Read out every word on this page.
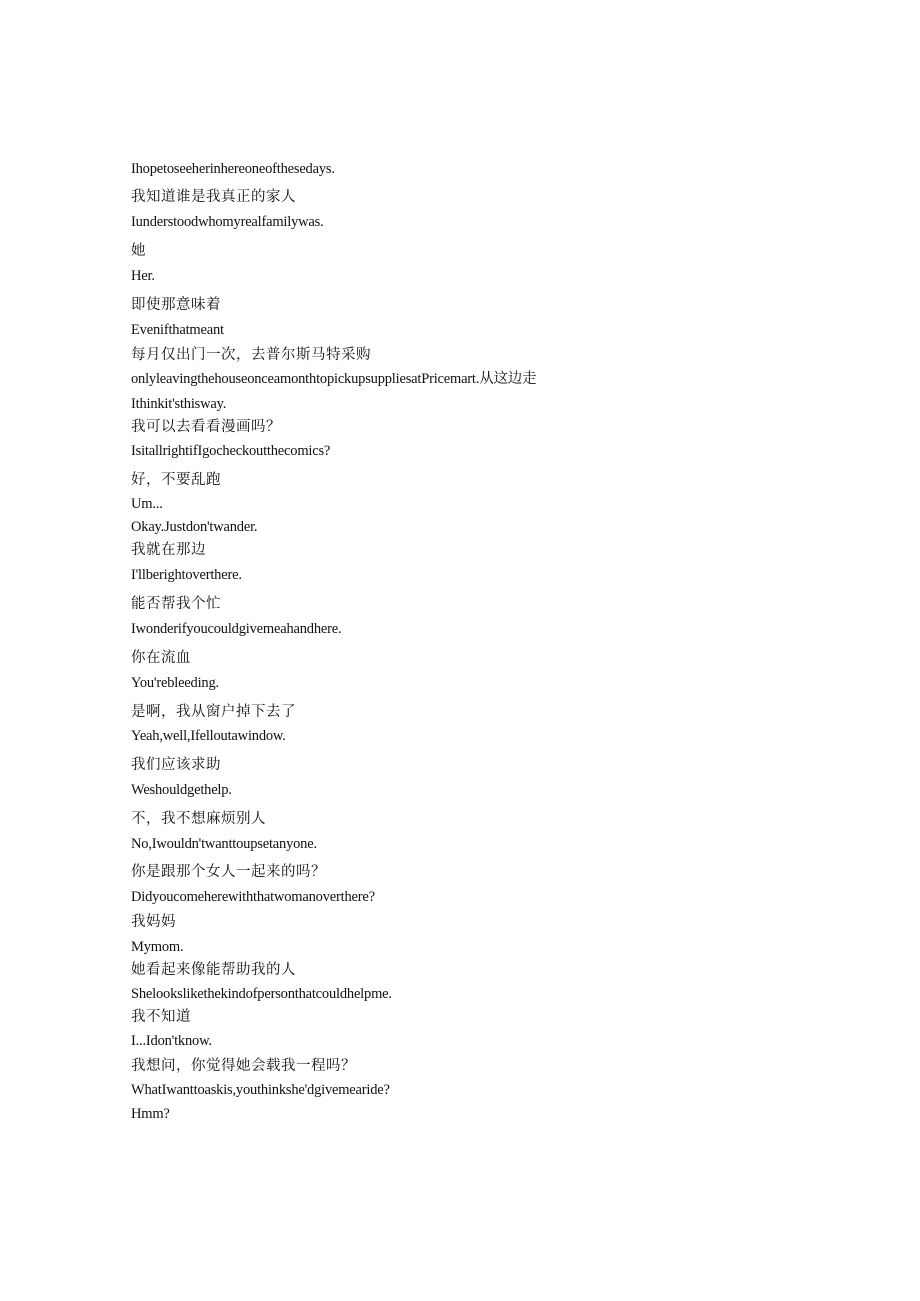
Ihopetoseeherinhereoneofthesedays.
我知道谁是我真正的家人
Iunderstoodwhomyrealfamilywas.
她
Her.
即使那意味着
Evenifthatmeant
每月仅出门一次，去普尔斯马特采购
onlyleavingthehouseonceamonthtopickupsuppliesatPricemart.从这边走
Ithinkit'sthisway.
我可以去看看漫画吗？
IsitallrightifIgocheckoutthecomics?
好，不要乱跑
Um...
Okay.Justdon'twander.
我就在那边
I'llberightoverthere.
能否帮我个忙
Iwonderifyoucouldgivemeahandhere.
你在流血
You'rebleeding.
是啊，我从窗户掉下去了
Yeah,well,Ifelloutawindow.
我们应该求助
Weshouldgethelp.
不，我不想麻烦别人
No,Iwouldn'twanttoupsetanyone.
你是跟那个女人一起来的吗？
Didyoucomeherewiththatwomanoverthere?
我妈妈
Mymom.
她看起来像能帮助我的人
Shelookslikethekindofpersonthatcouldhelpme.
我不知道
I...Idon'tknow.
我想问，你觉得她会载我一程吗？
WhatIwanttoaskis,youthinkshe'dgivemearide?
Hmm?
